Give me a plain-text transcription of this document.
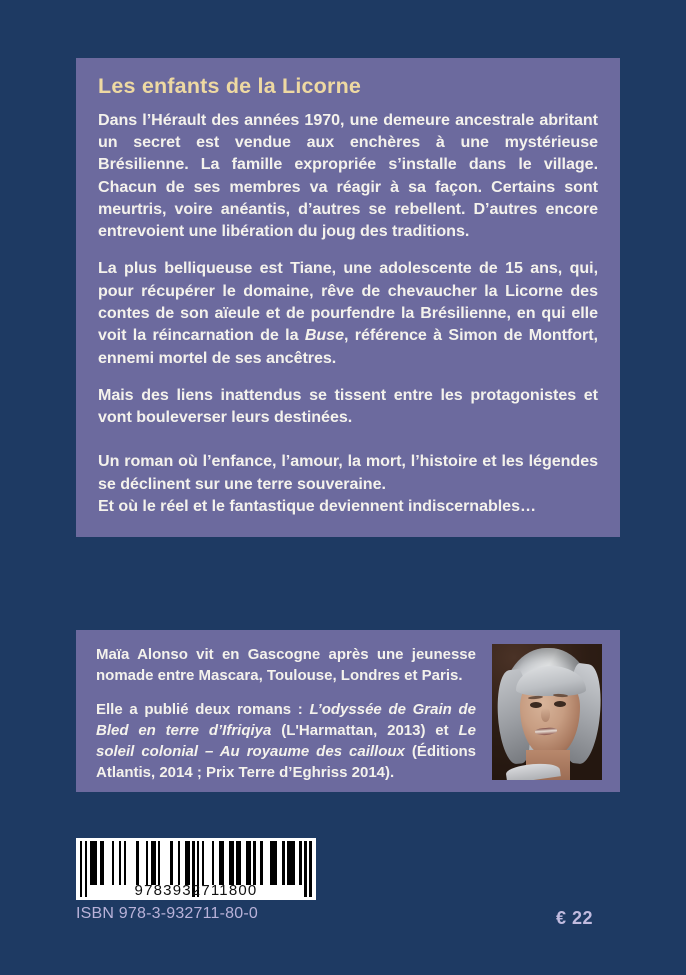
Les enfants de la Licorne

Dans l’Hérault des années 1970, une demeure ancestrale abritant un secret est vendue aux enchères à une mystérieuse Brésilienne. La famille expropriée s’installe dans le village. Chacun de ses membres va réagir à sa façon. Certains sont meurtris, voire anéantis, d’autres se rebellent. D’autres encore entrevoient une libération du joug des traditions.

La plus belliqueuse est Tiane, une adolescente de 15 ans, qui, pour récupérer le domaine, rêve de chevaucher la Licorne des contes de son aïeule et de pourfendre la Brésilienne, en qui elle voit la réincarnation de la Buse, référence à Simon de Montfort, ennemi mortel de ses ancêtres.

Mais des liens inattendus se tissent entre les protagonistes et vont bouleverser leurs destinées.

Un roman où l’enfance, l’amour, la mort, l’histoire et les légendes se déclinent sur une terre souveraine.

Et où le réel et le fantastique deviennent indiscernables…

Maïa Alonso vit en Gascogne après une jeunesse nomade entre Mascara, Toulouse, Londres et Paris.

Elle a publié deux romans : L’odyssée de Grain de Bled en terre d’Ifriqiya (L'Harmattan, 2013) et Le soleil colonial – Au royaume des cailloux (Éditions Atlantis, 2014 ; Prix Terre d’Eghriss 2014).

9783932711800
ISBN 978-3-932711-80-0	€ 22
